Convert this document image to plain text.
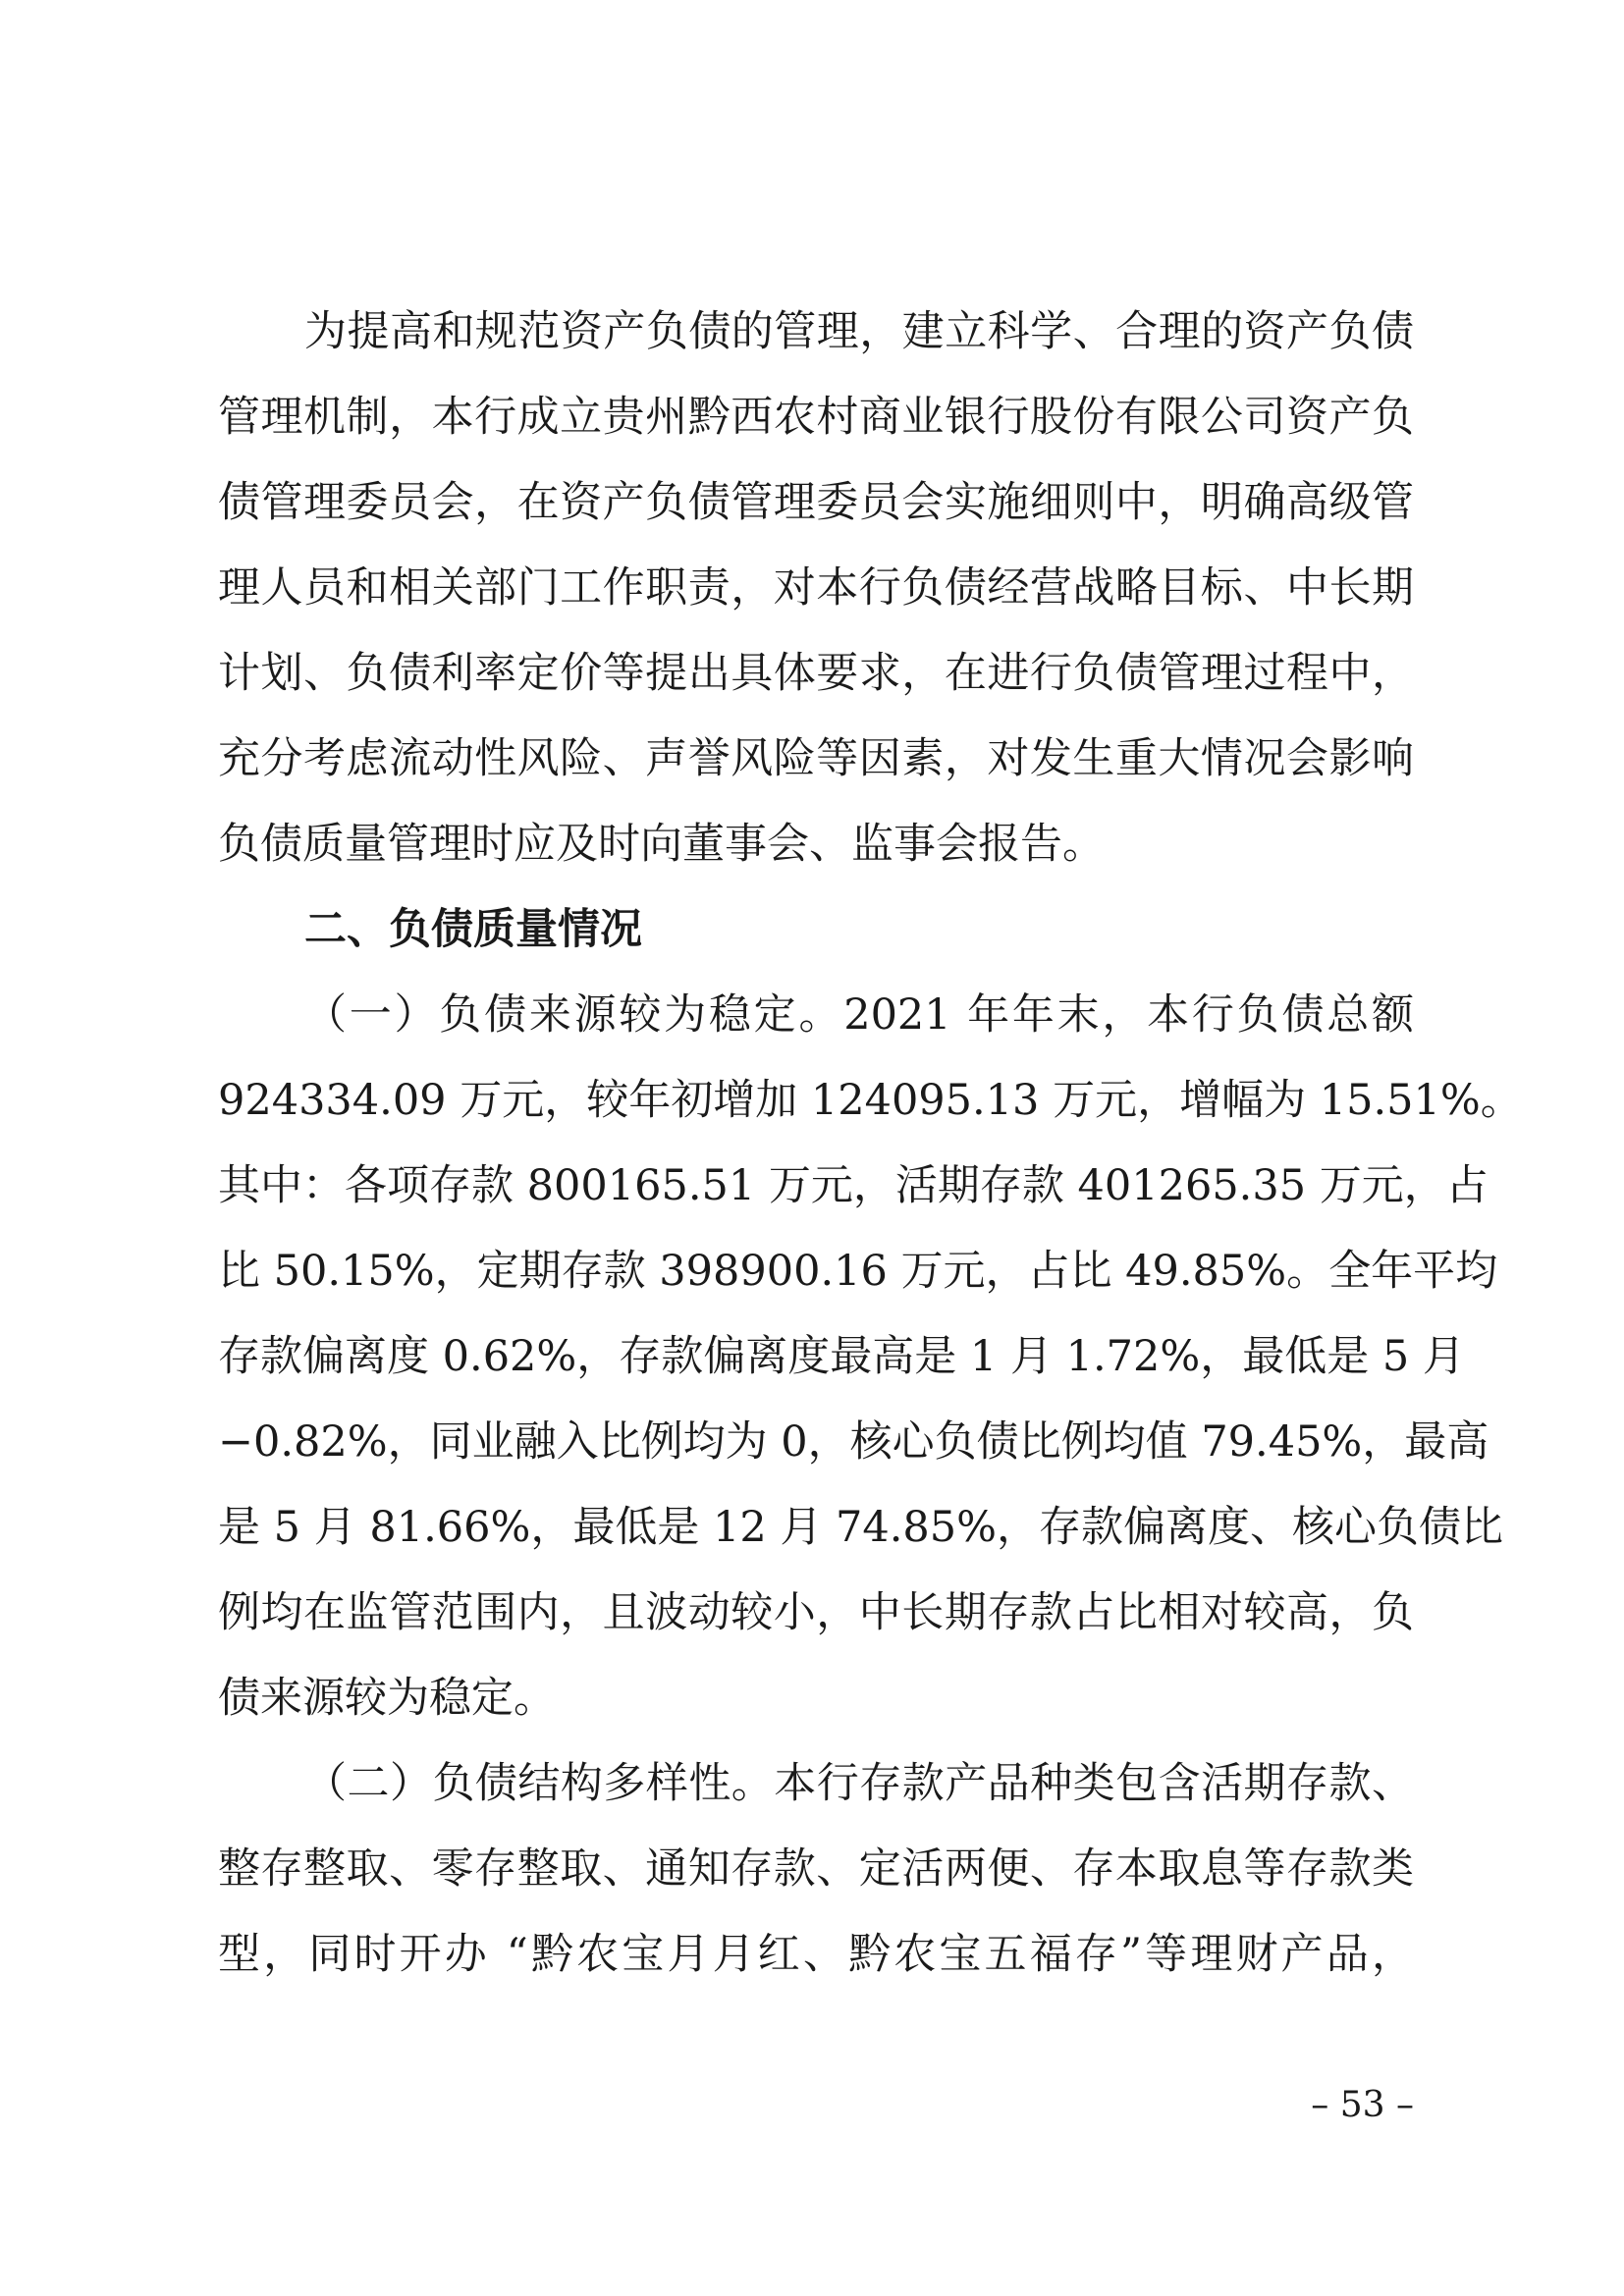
为提高和规范资产负债的管理，建立科学、合理的资产负债
管理机制，本行成立贵州黔西农村商业银行股份有限公司资产负
债管理委员会，在资产负债管理委员会实施细则中，明确高级管
理人员和相关部门工作职责，对本行负债经营战略目标、中长期
计划、负债利率定价等提出具体要求，在进行负债管理过程中，
充分考虑流动性风险、声誉风险等因素，对发生重大情况会影响
负债质量管理时应及时向董事会、监事会报告。
二、负债质量情况
（一）负债来源较为稳定。2021 年年末，本行负债总额
924334.09 万元，较年初增加 124095.13 万元，增幅为 15.51%。
其中：各项存款 800165.51 万元，活期存款 401265.35 万元，占
比 50.15%，定期存款 398900.16 万元，占比 49.85%。全年平均
存款偏离度 0.62%，存款偏离度最高是 1 月 1.72%，最低是 5 月
−0.82%，同业融入比例均为 0，核心负债比例均值 79.45%，最高
是 5 月 81.66%，最低是 12 月 74.85%，存款偏离度、核心负债比
例均在监管范围内，且波动较小，中长期存款占比相对较高，负
债来源较为稳定。
（二）负债结构多样性。本行存款产品种类包含活期存款、
整存整取、零存整取、通知存款、定活两便、存本取息等存款类
型，同时开办 “黔农宝月月红、黔农宝五福存”等理财产品，
– 53 –
